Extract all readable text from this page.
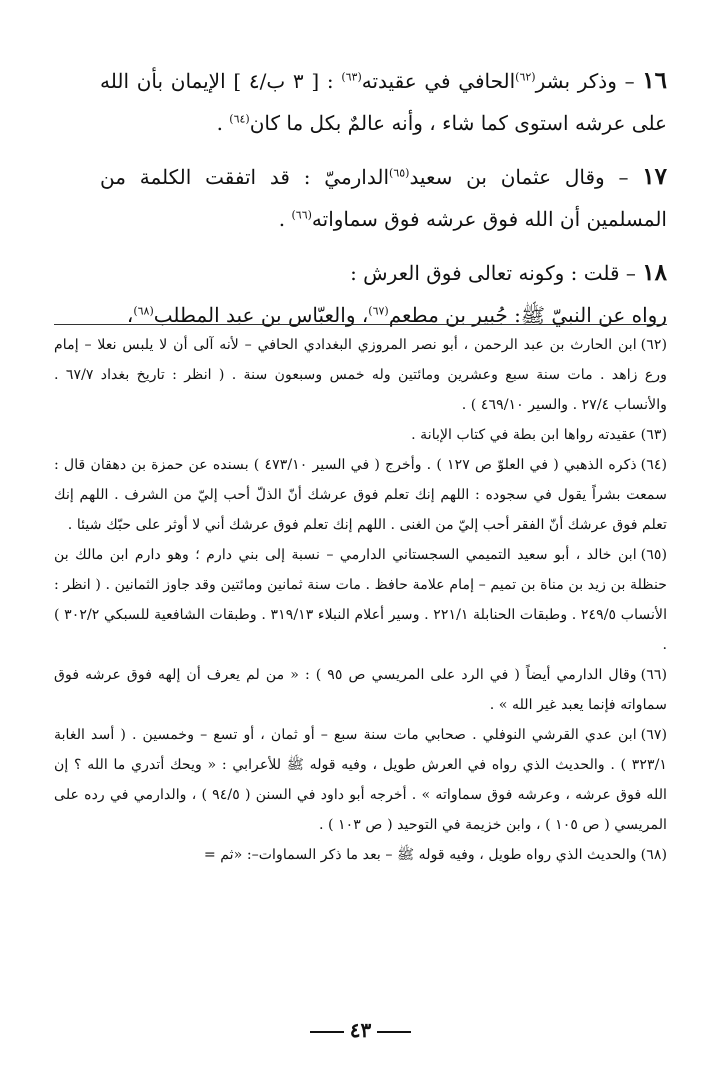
١٦ – وذكر بشر$^{(٦٢)}$الحافي في عقيدته$^{(٦٣)}$ : [ ٣ ب/٤ ] الإيمان بأن الله على عرشه استوى كما شاء ، وأنه عالمٌ بكل ما كان$^{(٦٤)}$ .

١٧ – وقال عثمان بن سعيد$^{(٦٥)}$الدارميّ : قد اتفقت الكلمة من المسلمين أن الله فوق عرشه فوق سماواته$^{(٦٦)}$ .

١٨ – قلت : وكونه تعالى فوق العرش :
رواه عن النبيّ ﷺ: جُبير بن مطعم$^{(٦٧)}$، والعبّاس بن عبد المطلب$^{(٦٨)}$،

(٦٢)ابن الحارث بن عبد الرحمن ، أبو نصر المروزي البغدادي الحافي – لأنه آلى أن لا يلبس نعلا – إمام ورع زاهد . مات سنة سبع وعشرين ومائتين وله خمس وسبعون سنة . ( انظر : تاريخ بغداد ٦٧/٧ . والأنساب ٢٧/٤ . والسير ٤٦٩/١٠ ) .

(٦٣)عقيدته رواها ابن بطة في كتاب الإبانة .

(٦٤)ذكره الذهبي ( في العلوّ ص ١٢٧ ) . وأخرج ( في السير ٤٧٣/١٠ ) بسنده عن حمزة بن دهقان قال : سمعت بشراً يقول في سجوده : اللهم إنك تعلم فوق عرشك أنّ الذلّ أحب إليّ من الشرف . اللهم إنك تعلم فوق عرشك أنّ الفقر أحب إليّ من الغنى . اللهم إنك تعلم فوق عرشك أني لا أوثر على حبّك شيئا .

(٦٥)ابن خالد ، أبو سعيد التميمي السجستاني الدارمي – نسبة إلى بني دارم ؛ وهو دارم ابن مالك بن حنظلة بن زيد بن مناة بن تميم – إمام علامة حافظ . مات سنة ثمانين ومائتين وقد جاوز الثمانين . ( انظر : الأنساب ٢٤٩/٥ . وطبقات الحنابلة ٢٢١/١ . وسير أعلام النبلاء ٣١٩/١٣ . وطبقات الشافعية للسبكي ٣٠٢/٢ ) .

(٦٦)وقال الدارمي أيضاً ( في الرد على المريسي ص ٩٥ ) : « من لم يعرف أن إلهه فوق عرشه فوق سماواته فإنما يعبد غير الله » .

(٦٧)ابن عدي القرشي النوفلي . صحابي مات سنة سبع – أو ثمان ، أو تسع – وخمسين . ( أسد الغابة ٣٢٣/١ ) . والحديث الذي رواه في العرش طويل ، وفيه قوله ﷺ للأعرابي : « ويحك أتدري ما الله ؟ إن الله فوق عرشه ، وعرشه فوق سماواته » . أخرجه أبو داود في السنن ( ٩٤/٥ ) ، والدارمي في رده على المريسي ( ص ١٠٥ ) ، وابن خزيمة في التوحيد ( ص ١٠٣ ) .

(٦٨)والحديث الذي رواه طويل ، وفيه قوله ﷺ – بعد ما ذكر السماوات–: «ثم =

٤٣
